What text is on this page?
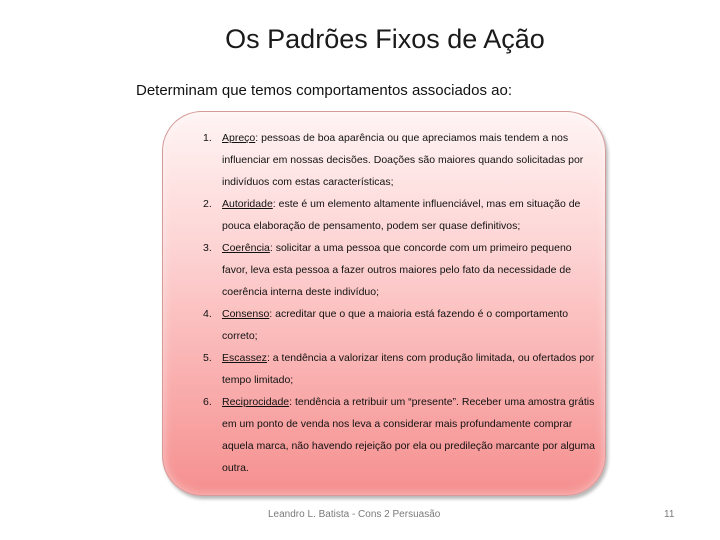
Os Padrões Fixos de Ação
Determinam que temos comportamentos associados ao:
1. Apreço: pessoas de boa aparência ou que apreciamos mais tendem a nos influenciar em nossas decisões. Doações são maiores quando solicitadas por indivíduos com estas características;
2. Autoridade: este é um elemento altamente influenciável, mas em situação de pouca elaboração de pensamento, podem ser quase definitivos;
3. Coerência: solicitar a uma pessoa que concorde com um primeiro pequeno favor, leva esta pessoa a fazer outros maiores pelo fato da necessidade de coerência interna deste indivíduo;
4. Consenso: acreditar que o que a maioria está fazendo é o comportamento correto;
5. Escassez: a tendência a valorizar itens com produção limitada, ou ofertados por tempo limitado;
6. Reciprocidade: tendência a retribuir um “presente”. Receber uma amostra grátis em um ponto de venda nos leva a considerar mais profundamente comprar aquela marca, não havendo rejeição por ela ou predileção marcante por alguma outra.
Leandro L. Batista - Cons 2 Persuasão	11
